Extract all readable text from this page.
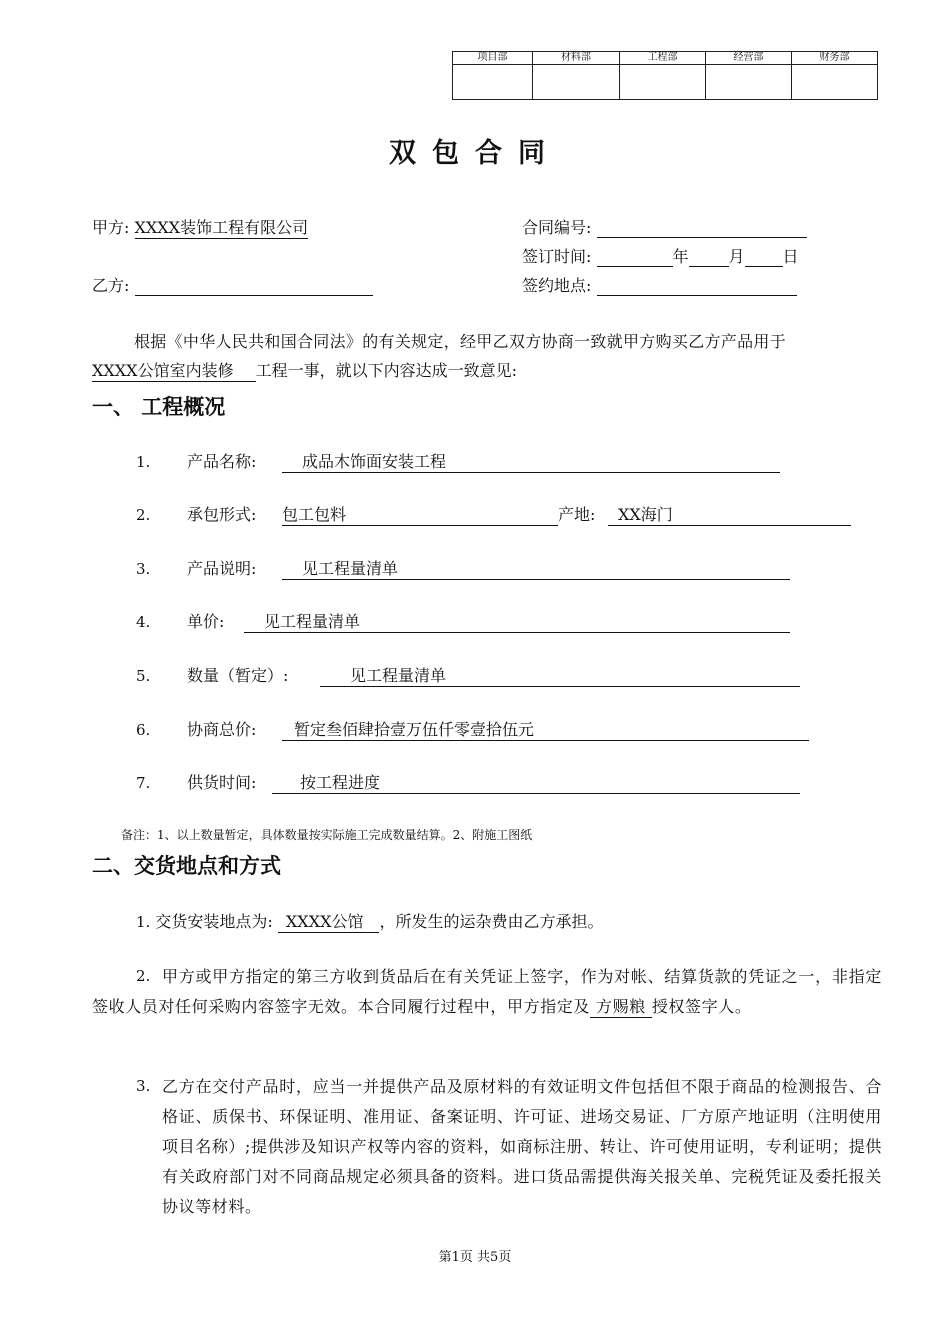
项目部	材料部	工程部	经营部	财务部

双包合同
甲方: XXXX装饰工程有限公司
乙方:
合同编号:
签订时间:	年	月 日
签约地点:
根据《中华人民共和国合同法》的有关规定，经甲乙双方协商一致就甲方购买乙方产品用于
XXXX公馆室内装修 工程一事，就以下内容达成一致意见:
一、 工程概况
1. 产品名称:	成品木饰面安装工程
2. 承包形式: 包工包料	产地:	XX海门
3. 产品说明:	见工程量清单
4. 单价:	见工程量清单
5. 数量（暂定）:	见工程量清单
6. 协商总价:	暂定叁佰肆拾壹万伍仟零壹拾伍元
7. 供货时间:	按工程进度
备注：1、以上数量暂定，具体数量按实际施工完成数量结算。2、附施工图纸
二、交货地点和方式
1. 交货安装地点为: XXXX公馆 ，所发生的运杂费由乙方承担。
2. 甲方或甲方指定的第三方收到货品后在有关凭证上签字，作为对帐、结算货款的凭证之一，非指定签收人员对任何采购内容签字无效。本合同履行过程中，甲方指定及 方赐粮 授权签字人。
3. 乙方在交付产品时，应当一并提供产品及原材料的有效证明文件包括但不限于商品的检测报告、合格证、质保书、环保证明、准用证、备案证明、许可证、进场交易证、厂方原产地证明（注明使用项目名称）;提供涉及知识产权等内容的资料，如商标注册、转让、许可使用证明，专利证明；提供有关政府部门对不同商品规定必须具备的资料。进口货品需提供海关报关单、完税凭证及委托报关协议等材料。
第1页 共5页
